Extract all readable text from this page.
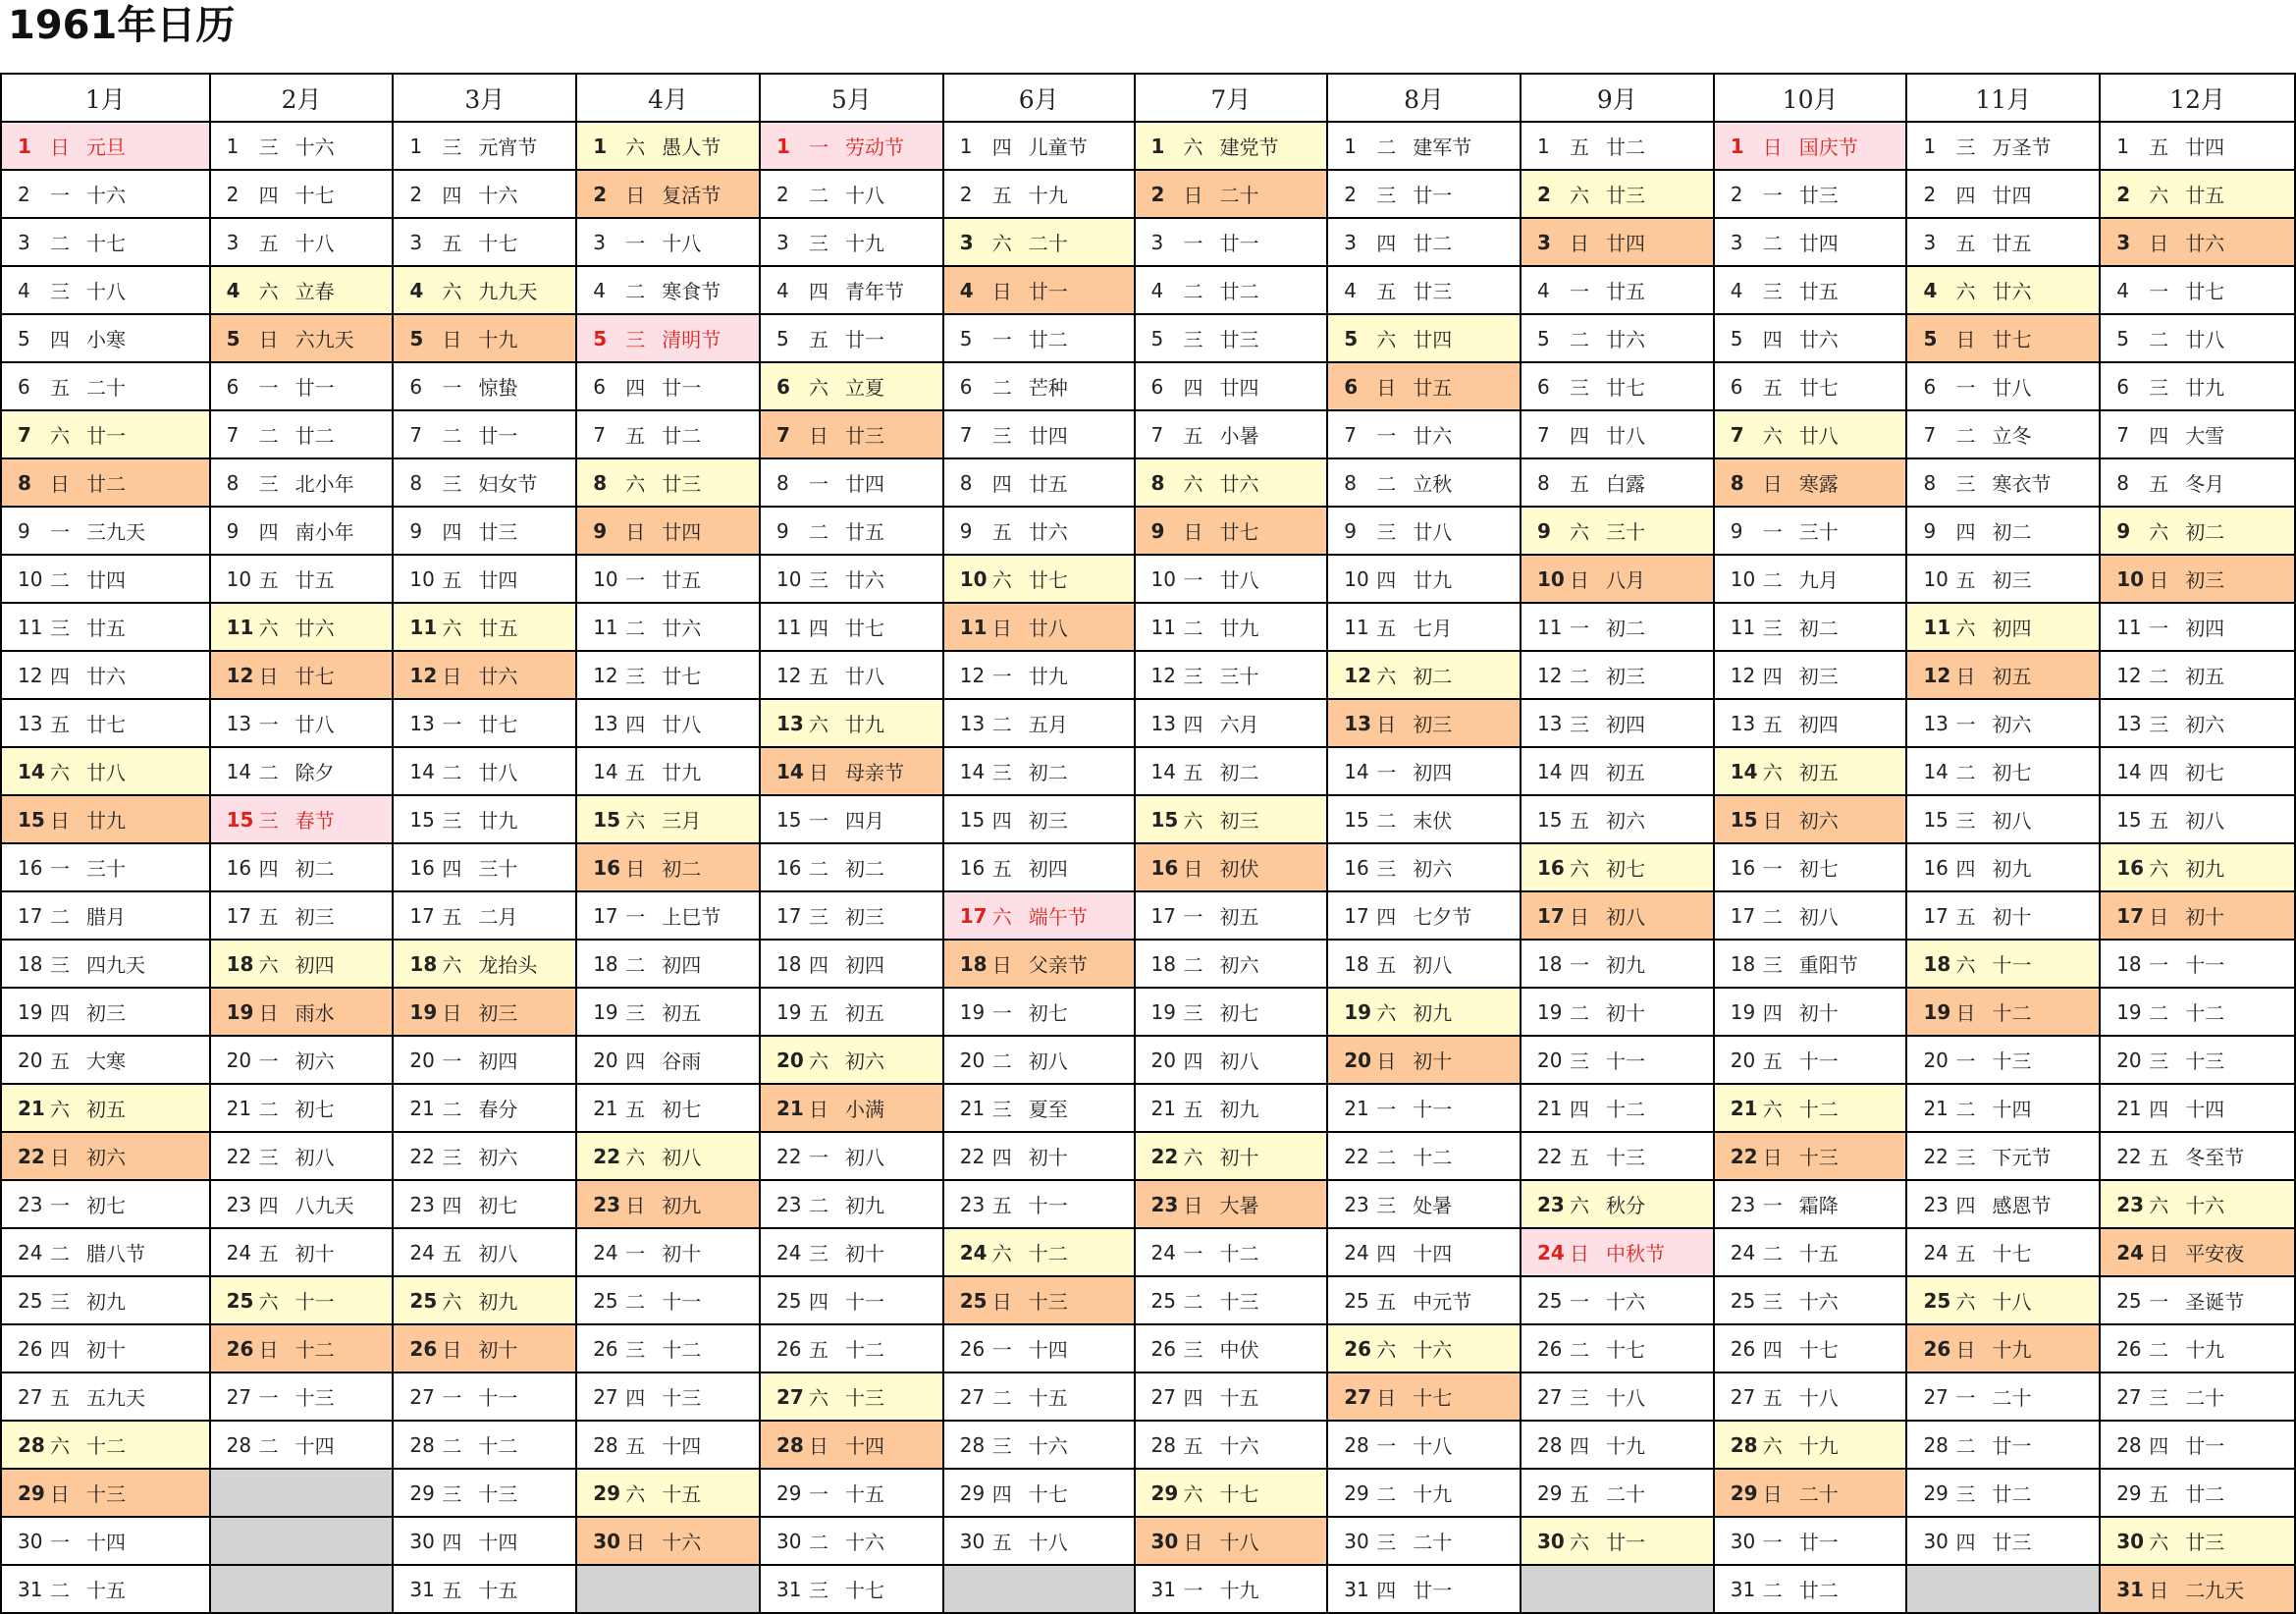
1961年日历
1月	2月	3月	4月	5月	6月	7月	8月	9月	10月	11月	12月
1 日 元旦	1 三 十六	1 三 元宵节	1 六 愚人节	1 一 劳动节	1 四 儿童节	1 六 建党节	1 二 建军节	1 五 廿二	1 日 国庆节	1 三 万圣节	1 五 廿四
2 一 十六	2 四 十七	2 四 十六	2 日 复活节	2 二 十八	2 五 十九	2 日 二十	2 三 廿一	2 六 廿三	2 一 廿三	2 四 廿四	2 六 廿五
3 二 十七	3 五 十八	3 五 十七	3 一 十八	3 三 十九	3 六 二十	3 一 廿一	3 四 廿二	3 日 廿四	3 二 廿四	3 五 廿五	3 日 廿六
4 三 十八	4 六 立春	4 六 九九天	4 二 寒食节	4 四 青年节	4 日 廿一	4 二 廿二	4 五 廿三	4 一 廿五	4 三 廿五	4 六 廿六	4 一 廿七
5 四 小寒	5 日 六九天	5 日 十九	5 三 清明节	5 五 廿一	5 一 廿二	5 三 廿三	5 六 廿四	5 二 廿六	5 四 廿六	5 日 廿七	5 二 廿八
6 五 二十	6 一 廿一	6 一 惊蛰	6 四 廿一	6 六 立夏	6 二 芒种	6 四 廿四	6 日 廿五	6 三 廿七	6 五 廿七	6 一 廿八	6 三 廿九
7 六 廿一	7 二 廿二	7 二 廿一	7 五 廿二	7 日 廿三	7 三 廿四	7 五 小暑	7 一 廿六	7 四 廿八	7 六 廿八	7 二 立冬	7 四 大雪
8 日 廿二	8 三 北小年	8 三 妇女节	8 六 廿三	8 一 廿四	8 四 廿五	8 六 廿六	8 二 立秋	8 五 白露	8 日 寒露	8 三 寒衣节	8 五 冬月
9 一 三九天	9 四 南小年	9 四 廿三	9 日 廿四	9 二 廿五	9 五 廿六	9 日 廿七	9 三 廿八	9 六 三十	9 一 三十	9 四 初二	9 六 初二
10 二 廿四	10 五 廿五	10 五 廿四	10 一 廿五	10 三 廿六	10 六 廿七	10 一 廿八	10 四 廿九	10 日 八月	10 二 九月	10 五 初三	10 日 初三
11 三 廿五	11 六 廿六	11 六 廿五	11 二 廿六	11 四 廿七	11 日 廿八	11 二 廿九	11 五 七月	11 一 初二	11 三 初二	11 六 初四	11 一 初四
12 四 廿六	12 日 廿七	12 日 廿六	12 三 廿七	12 五 廿八	12 一 廿九	12 三 三十	12 六 初二	12 二 初三	12 四 初三	12 日 初五	12 二 初五
13 五 廿七	13 一 廿八	13 一 廿七	13 四 廿八	13 六 廿九	13 二 五月	13 四 六月	13 日 初三	13 三 初四	13 五 初四	13 一 初六	13 三 初六
14 六 廿八	14 二 除夕	14 二 廿八	14 五 廿九	14 日 母亲节	14 三 初二	14 五 初二	14 一 初四	14 四 初五	14 六 初五	14 二 初七	14 四 初七
15 日 廿九	15 三 春节	15 三 廿九	15 六 三月	15 一 四月	15 四 初三	15 六 初三	15 二 末伏	15 五 初六	15 日 初六	15 三 初八	15 五 初八
16 一 三十	16 四 初二	16 四 三十	16 日 初二	16 二 初二	16 五 初四	16 日 初伏	16 三 初六	16 六 初七	16 一 初七	16 四 初九	16 六 初九
17 二 腊月	17 五 初三	17 五 二月	17 一 上巳节	17 三 初三	17 六 端午节	17 一 初五	17 四 七夕节	17 日 初八	17 二 初八	17 五 初十	17 日 初十
18 三 四九天	18 六 初四	18 六 龙抬头	18 二 初四	18 四 初四	18 日 父亲节	18 二 初六	18 五 初八	18 一 初九	18 三 重阳节	18 六 十一	18 一 十一
19 四 初三	19 日 雨水	19 日 初三	19 三 初五	19 五 初五	19 一 初七	19 三 初七	19 六 初九	19 二 初十	19 四 初十	19 日 十二	19 二 十二
20 五 大寒	20 一 初六	20 一 初四	20 四 谷雨	20 六 初六	20 二 初八	20 四 初八	20 日 初十	20 三 十一	20 五 十一	20 一 十三	20 三 十三
21 六 初五	21 二 初七	21 二 春分	21 五 初七	21 日 小满	21 三 夏至	21 五 初九	21 一 十一	21 四 十二	21 六 十二	21 二 十四	21 四 十四
22 日 初六	22 三 初八	22 三 初六	22 六 初八	22 一 初八	22 四 初十	22 六 初十	22 二 十二	22 五 十三	22 日 十三	22 三 下元节	22 五 冬至节
23 一 初七	23 四 八九天	23 四 初七	23 日 初九	23 二 初九	23 五 十一	23 日 大暑	23 三 处暑	23 六 秋分	23 一 霜降	23 四 感恩节	23 六 十六
24 二 腊八节	24 五 初十	24 五 初八	24 一 初十	24 三 初十	24 六 十二	24 一 十二	24 四 十四	24 日 中秋节	24 二 十五	24 五 十七	24 日 平安夜
25 三 初九	25 六 十一	25 六 初九	25 二 十一	25 四 十一	25 日 十三	25 二 十三	25 五 中元节	25 一 十六	25 三 十六	25 六 十八	25 一 圣诞节
26 四 初十	26 日 十二	26 日 初十	26 三 十二	26 五 十二	26 一 十四	26 三 中伏	26 六 十六	26 二 十七	26 四 十七	26 日 十九	26 二 十九
27 五 五九天	27 一 十三	27 一 十一	27 四 十三	27 六 十三	27 二 十五	27 四 十五	27 日 十七	27 三 十八	27 五 十八	27 一 二十	27 三 二十
28 六 十二	28 二 十四	28 二 十二	28 五 十四	28 日 十四	28 三 十六	28 五 十六	28 一 十八	28 四 十九	28 六 十九	28 二 廿一	28 四 廿一
29 日 十三		29 三 十三	29 六 十五	29 一 十五	29 四 十七	29 六 十七	29 二 十九	29 五 二十	29 日 二十	29 三 廿二	29 五 廿二
30 一 十四		30 四 十四	30 日 十六	30 二 十六	30 五 十八	30 日 十八	30 三 二十	30 六 廿一	30 一 廿一	30 四 廿三	30 六 廿三
31 二 十五		31 五 十五		31 三 十七		31 一 十九	31 四 廿一		31 二 廿二		31 日 二九天
